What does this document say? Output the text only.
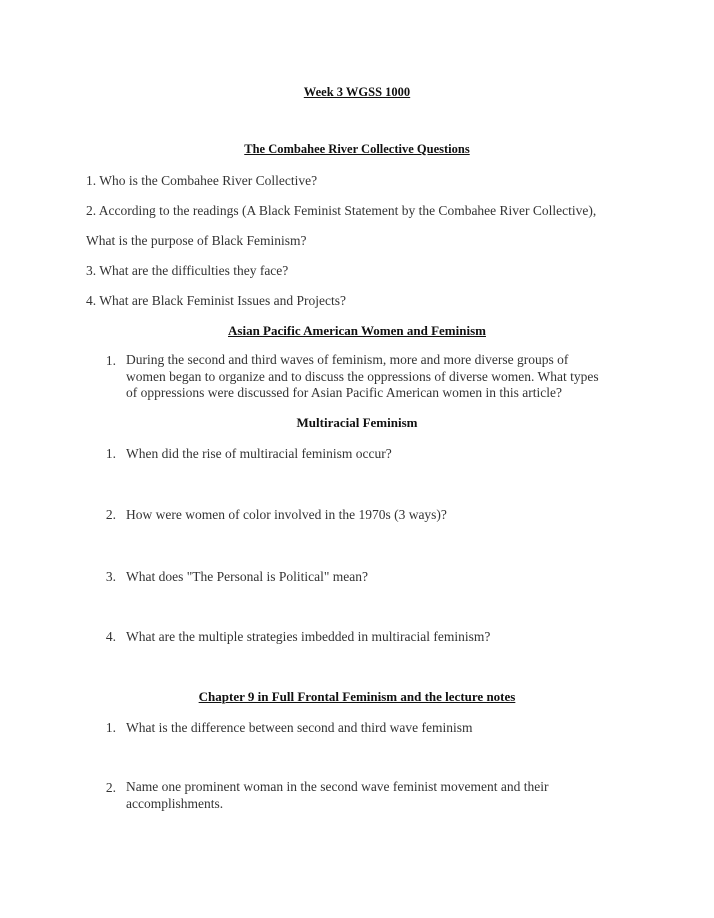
Week 3 WGSS 1000
The Combahee River Collective Questions
1. Who is the Combahee River Collective?
2. According to the readings (A Black Feminist Statement by the Combahee River Collective),
What is the purpose of Black Feminism?
3. What are the difficulties they face?
4. What are Black Feminist Issues and Projects?
Asian Pacific American Women and Feminism
1. During the second and third waves of feminism, more and more diverse groups of
women began to organize and to discuss the oppressions of diverse women. What types
of oppressions were discussed for Asian Pacific American women in this article?
Multiracial Feminism
1. When did the rise of multiracial feminism occur?
2. How were women of color involved in the 1970s (3 ways)?
3. What does "The Personal is Political" mean?
4. What are the multiple strategies imbedded in multiracial feminism?
Chapter 9 in Full Frontal Feminism and the lecture notes
1. What is the difference between second and third wave feminism
2. Name one prominent woman in the second wave feminist movement and their
accomplishments.
